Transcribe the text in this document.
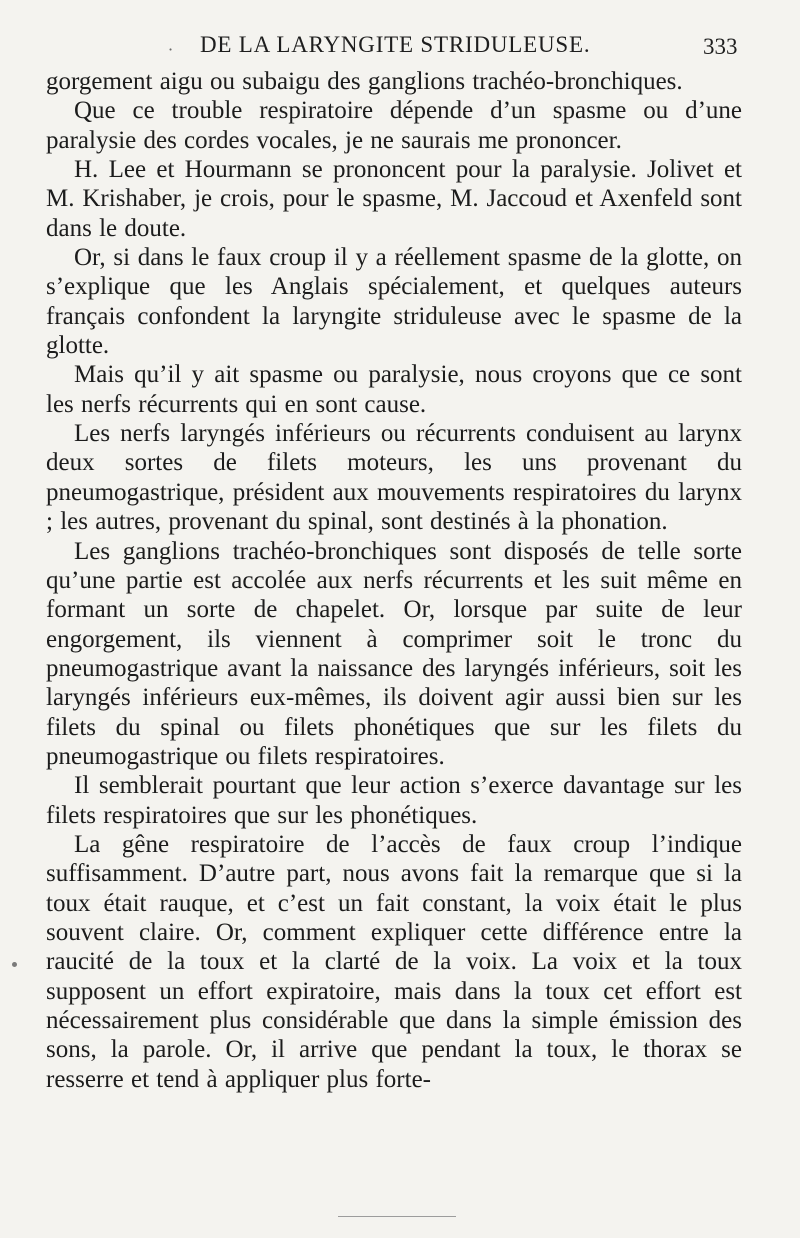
· DE LA LARYNGITE STRIDULEUSE.	333

gorgement aigu ou subaigu des ganglions trachéo-bronchiques.

Que ce trouble respiratoire dépende d’un spasme ou d’une paralysie des cordes vocales, je ne saurais me prononcer.

H. Lee et Hourmann se prononcent pour la paralysie. Jolivet et M. Krishaber, je crois, pour le spasme, M. Jaccoud et Axenfeld sont dans le doute.

Or, si dans le faux croup il y a réellement spasme de la glotte, on s’explique que les Anglais spécialement, et quelques auteurs français confondent la laryngite striduleuse avec le spasme de la glotte.

Mais qu’il y ait spasme ou paralysie, nous croyons que ce sont les nerfs récurrents qui en sont cause.

Les nerfs laryngés inférieurs ou récurrents conduisent au larynx deux sortes de filets moteurs, les uns provenant du pneumogastrique, président aux mouvements respiratoires du larynx ; les autres, provenant du spinal, sont destinés à la phonation.

Les ganglions trachéo-bronchiques sont disposés de telle sorte qu’une partie est accolée aux nerfs récurrents et les suit même en formant un sorte de chapelet. Or, lorsque par suite de leur engorgement, ils viennent à comprimer soit le tronc du pneumogastrique avant la naissance des laryngés inférieurs, soit les laryngés inférieurs eux-mêmes, ils doivent agir aussi bien sur les filets du spinal ou filets phonétiques que sur les filets du pneumogastrique ou filets respiratoires.

Il semblerait pourtant que leur action s’exerce davantage sur les filets respiratoires que sur les phonétiques.

La gêne respiratoire de l’accès de faux croup l’indique suffisamment. D’autre part, nous avons fait la remarque que si la toux était rauque, et c’est un fait constant, la voix était le plus souvent claire. Or, comment expliquer cette différence entre la raucité de la toux et la clarté de la voix. La voix et la toux supposent un effort expiratoire, mais dans la toux cet effort est nécessairement plus considérable que dans la simple émission des sons, la parole. Or, il arrive que pendant la toux, le thorax se resserre et tend à appliquer plus forte-
